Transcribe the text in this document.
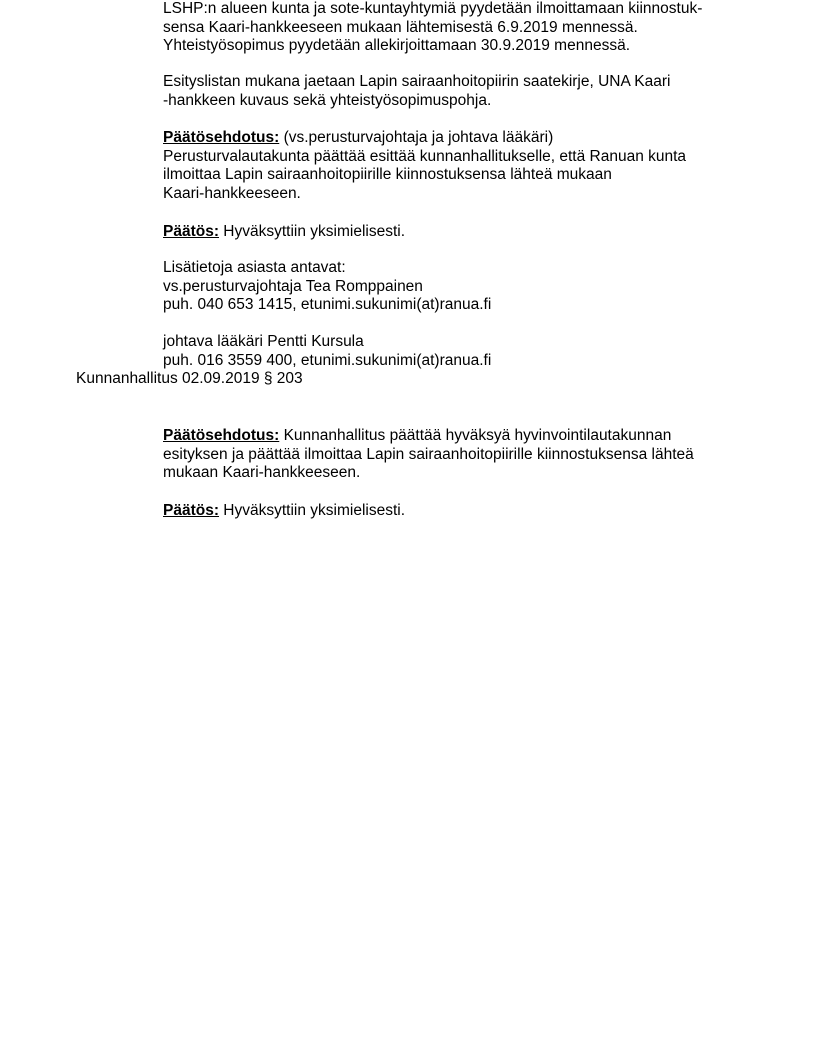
LSHP:n alueen kunta ja sote-kuntayhtymiä pyydetään ilmoittamaan kiinnostuk-
sensa Kaari-hankkeeseen mukaan lähtemisestä 6.9.2019 mennessä.
Yhteistyösopimus pyydetään allekirjoittamaan 30.9.2019 mennessä.
Esityslistan mukana jaetaan Lapin sairaanhoitopiirin saatekirje, UNA Kaari
-hankkeen kuvaus sekä yhteistyösopimuspohja.
Päätösehdotus: (vs.perusturvajohtaja ja johtava lääkäri)
Perusturvalautakunta päättää esittää kunnanhallitukselle, että Ranuan kunta
ilmoittaa Lapin sairaanhoitopiirille kiinnostuksensa lähteä mukaan
Kaari-hankkeeseen.
Päätös: Hyväksyttiin yksimielisesti.
Lisätietoja asiasta antavat:
vs.perusturvajohtaja Tea Romppainen
puh. 040 653 1415, etunimi.sukunimi(at)ranua.fi
johtava lääkäri Pentti Kursula
puh. 016 3559 400, etunimi.sukunimi(at)ranua.fi
Kunnanhallitus 02.09.2019 § 203
Päätösehdotus: Kunnanhallitus päättää hyväksyä hyvinvointilautakunnan
esityksen ja päättää ilmoittaa Lapin sairaanhoitopiirille kiinnostuksensa lähteä
mukaan Kaari-hankkeeseen.
Päätös: Hyväksyttiin yksimielisesti.
